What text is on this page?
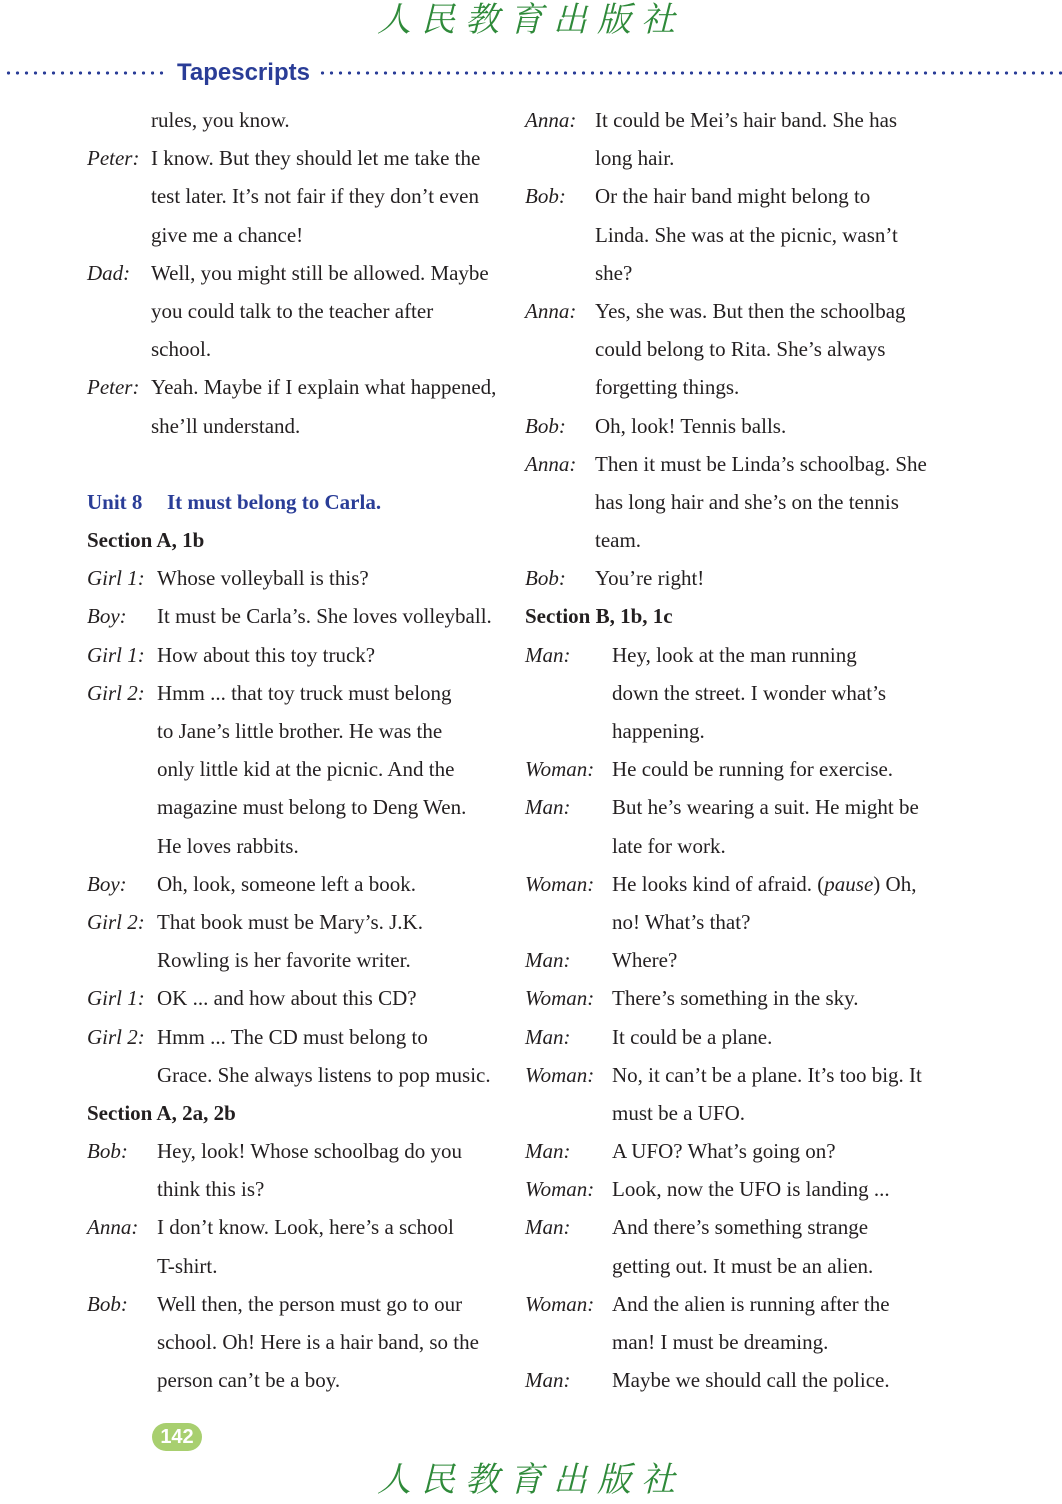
人民教育出版社
Tapescripts
rules, you know.
Peter: I know. But they should let me take the
test later. It’s not fair if they don’t even
give me a chance!
Dad: Well, you might still be allowed. Maybe
you could talk to the teacher after
school.
Peter: Yeah. Maybe if I explain what happened,
she’ll understand.
Unit 8 It must belong to Carla.
Section A, 1b
Girl 1: Whose volleyball is this?
Boy: It must be Carla’s. She loves volleyball.
Girl 1: How about this toy truck?
Girl 2: Hmm ... that toy truck must belong
to Jane’s little brother. He was the
only little kid at the picnic. And the
magazine must belong to Deng Wen.
He loves rabbits.
Boy: Oh, look, someone left a book.
Girl 2: That book must be Mary’s. J.K.
Rowling is her favorite writer.
Girl 1: OK ... and how about this CD?
Girl 2: Hmm ... The CD must belong to
Grace. She always listens to pop music.
Section A, 2a, 2b
Bob: Hey, look! Whose schoolbag do you
think this is?
Anna: I don’t know. Look, here’s a school
T-shirt.
Bob: Well then, the person must go to our
school. Oh! Here is a hair band, so the
person can’t be a boy.
Anna: It could be Mei’s hair band. She has
long hair.
Bob: Or the hair band might belong to
Linda. She was at the picnic, wasn’t
she?
Anna: Yes, she was. But then the schoolbag
could belong to Rita. She’s always
forgetting things.
Bob: Oh, look! Tennis balls.
Anna: Then it must be Linda’s schoolbag. She
has long hair and she’s on the tennis
team.
Bob: You’re right!
Section B, 1b, 1c
Man: Hey, look at the man running
down the street. I wonder what’s
happening.
Woman: He could be running for exercise.
Man: But he’s wearing a suit. He might be
late for work.
Woman: He looks kind of afraid. (pause) Oh,
no! What’s that?
Man: Where?
Woman: There’s something in the sky.
Man: It could be a plane.
Woman: No, it can’t be a plane. It’s too big. It
must be a UFO.
Man: A UFO? What’s going on?
Woman: Look, now the UFO is landing ...
Man: And there’s something strange
getting out. It must be an alien.
Woman: And the alien is running after the
man! I must be dreaming.
Man: Maybe we should call the police.
142
人民教育出版社
